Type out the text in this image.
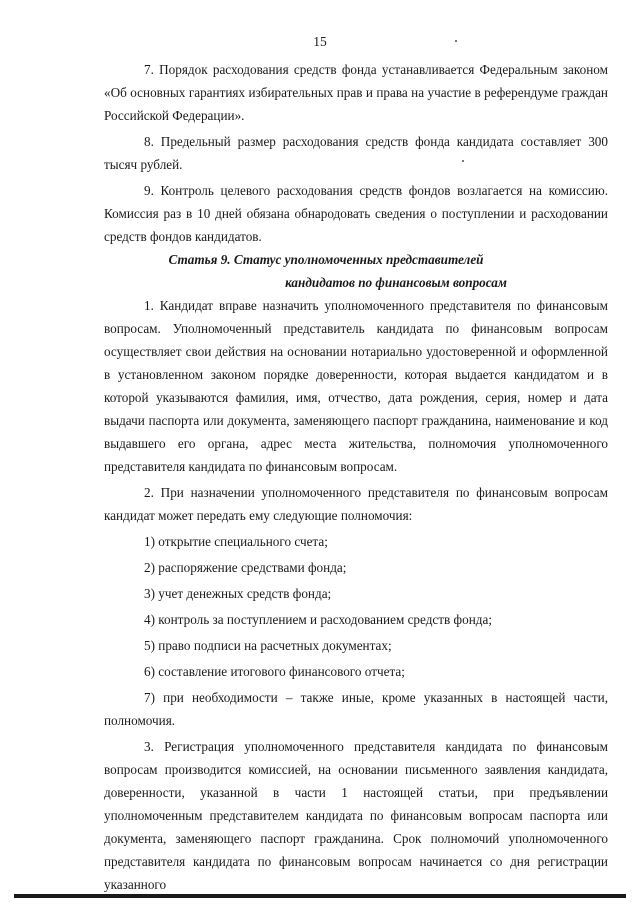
15

7. Порядок расходования средств фонда устанавливается Федеральным законом «Об основных гарантиях избирательных прав и права на участие в референдуме граждан Российской Федерации».

8. Предельный размер расходования средств фонда кандидата составляет 300 тысяч рублей.

9. Контроль целевого расходования средств фондов возлагается на комиссию. Комиссия раз в 10 дней обязана обнародовать сведения о поступлении и расходовании средств фондов кандидатов.

Статья 9. Статус уполномоченных представителей

кандидатов по финансовым вопросам

1. Кандидат вправе назначить уполномоченного представителя по финансовым вопросам. Уполномоченный представитель кандидата по финансовым вопросам осуществляет свои действия на основании нотариально удостоверенной и оформленной в установленном законом порядке доверенности, которая выдается кандидатом и в которой указываются фамилия, имя, отчество, дата рождения, серия, номер и дата выдачи паспорта или документа, заменяющего паспорт гражданина, наименование и код выдавшего его органа, адрес места жительства, полномочия уполномоченного представителя кандидата по финансовым вопросам.

2. При назначении уполномоченного представителя по финансовым вопросам кандидат может передать ему следующие полномочия:

1) открытие специального счета;

2) распоряжение средствами фонда;

3) учет денежных средств фонда;

4) контроль за поступлением и расходованием средств фонда;

5) право подписи на расчетных документах;

6) составление итогового финансового отчета;

7) при необходимости – также иные, кроме указанных в настоящей части, полномочия.

3. Регистрация уполномоченного представителя кандидата по финансовым вопросам производится комиссией, на основании письменного заявления кандидата, доверенности, указанной в части 1 настоящей статьи, при предъявлении уполномоченным представителем кандидата по финансовым вопросам паспорта или документа, заменяющего паспорт гражданина. Срок полномочий уполномоченного представителя кандидата по финансовым вопросам начинается со дня регистрации указанного
